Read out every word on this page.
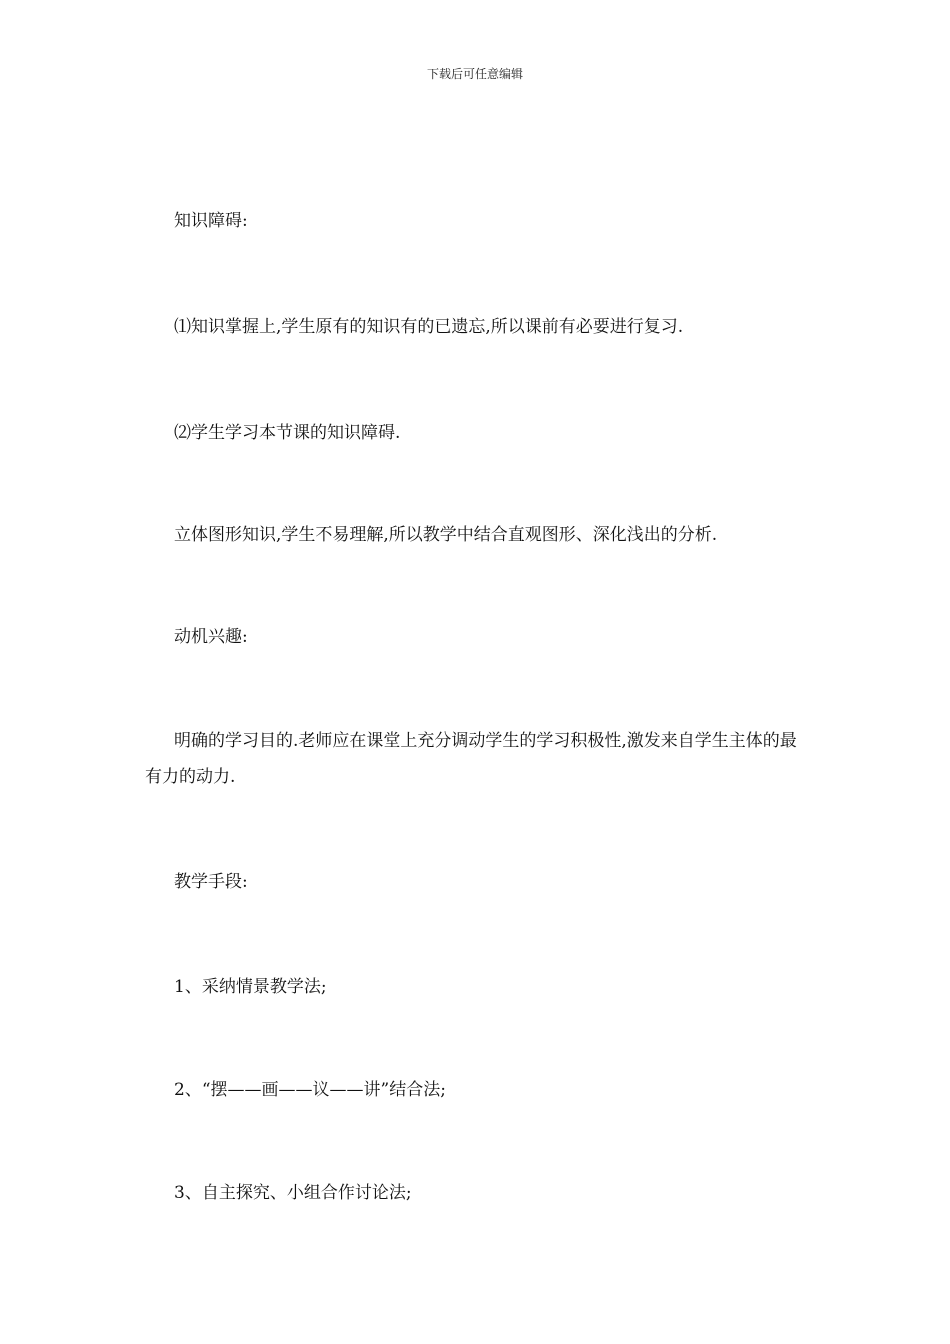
下载后可任意编辑

知识障碍:

⑴知识掌握上,学生原有的知识有的已遗忘,所以课前有必要进行复习.

⑵学生学习本节课的知识障碍.

立体图形知识,学生不易理解,所以教学中结合直观图形、深化浅出的分析.

动机兴趣:

明确的学习目的.老师应在课堂上充分调动学生的学习积极性,激发来自学生主体的最有力的动力.

教学手段:

1、采纳情景教学法;

2、“摆——画——议——讲”结合法;

3、自主探究、小组合作讨论法;
